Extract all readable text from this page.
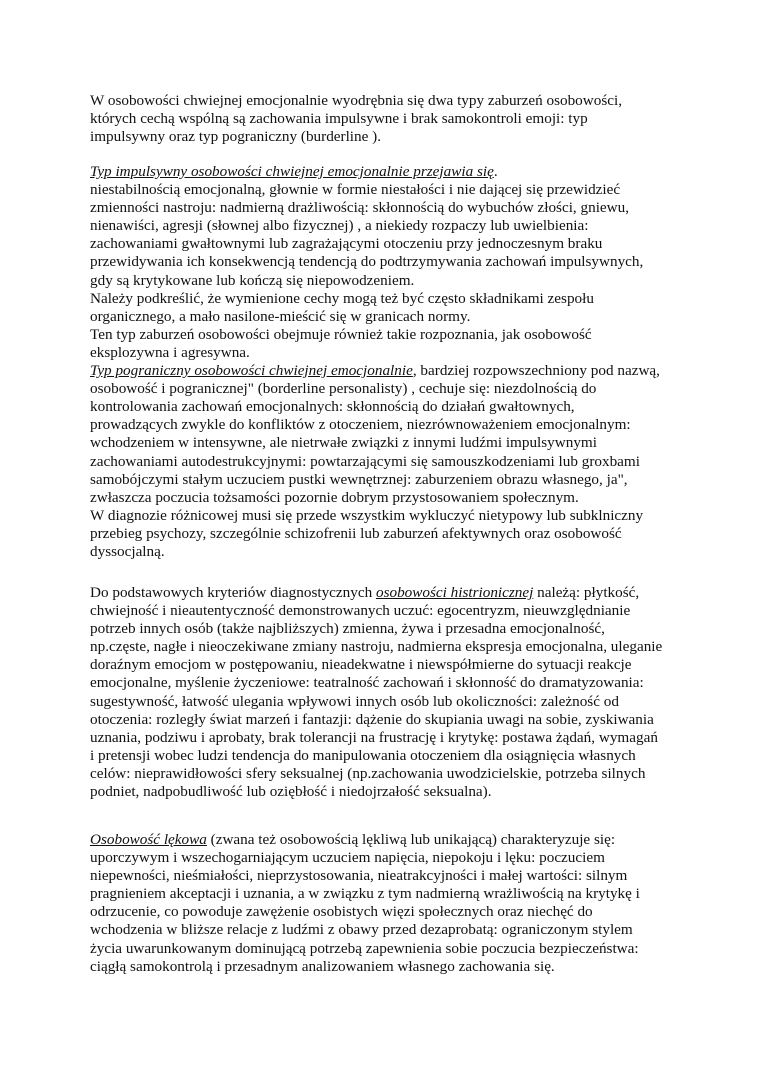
W osobowości chwiejnej emocjonalnie wyodrębnia się dwa typy zaburzeń osobowości,
których cechą wspólną są zachowania impulsywne i brak samokontroli emoji: typ
impulsywny oraz typ pograniczny (burderline ).
Typ impulsywny osobowości chwiejnej emocjonalnie przejawia się.
niestabilnością emocjonalną, głownie w formie niestałości i nie dającej się przewidzieć
zmienności nastroju: nadmierną drażliwością: skłonnością do wybuchów złości, gniewu,
nienawiści, agresji (słownej albo fizycznej) , a niekiedy rozpaczy lub uwielbienia:
zachowaniami gwałtownymi lub zagrażającymi otoczeniu przy jednoczesnym braku
przewidywania ich konsekwencją tendencją do podtrzymywania zachowań impulsywnych,
gdy są krytykowane lub kończą się niepowodzeniem.
Należy podkreślić, że wymienione cechy mogą też być często składnikami zespołu
organicznego, a mało nasilone-mieścić się w granicach normy.
Ten typ zaburzeń osobowości obejmuje również takie rozpoznania, jak osobowość
eksplozywna i agresywna.
Typ pograniczny osobowości chwiejnej emocjonalnie, bardziej rozpowszechniony pod nazwą,
osobowość i pogranicznej" (borderline personalisty) , cechuje się: niezdolnością do
kontrolowania zachowań emocjonalnych: skłonnością do działań gwałtownych,
prowadzących zwykle do konfliktów z otoczeniem, niezrównoważeniem emocjonalnym:
wchodzeniem w intensywne, ale nietrwałe związki z innymi ludźmi impulsywnymi
zachowaniami autodestrukcyjnymi: powtarzającymi się samouszkodzeniami lub groxbami
samobójczymi stałym uczuciem pustki wewnętrznej: zaburzeniem obrazu własnego, ja",
zwłaszcza poczucia tożsamości pozornie dobrym przystosowaniem społecznym.
W diagnozie różnicowej musi się przede wszystkim wykluczyć nietypowy lub subklniczny
przebieg psychozy, szczególnie schizofrenii lub zaburzeń afektywnych oraz osobowość
dyssocjalną.
Do podstawowych kryteriów diagnostycznych osobowości histrionicznej należą: płytkość,
chwiejność i nieautentyczność demonstrowanych uczuć: egocentryzm, nieuwzględnianie
potrzeb innych osób (także najbliższych) zmienna, żywa i przesadna emocjonalność,
np.częste, nagłe i nieoczekiwane zmiany nastroju, nadmierna ekspresja emocjonalna, uleganie
doraźnym emocjom w postępowaniu, nieadekwatne i niewspółmierne do sytuacji reakcje
emocjonalne, myślenie życzeniowe: teatralność zachowań i skłonność do dramatyzowania:
sugestywność, łatwość ulegania wpływowi innych osób lub okoliczności: zależność od
otoczenia: rozległy świat marzeń i fantazji: dążenie do skupiania uwagi na sobie, zyskiwania
uznania, podziwu i aprobaty, brak tolerancji na frustrację i krytykę: postawa żądań, wymagań
i pretensji wobec ludzi tendencja do manipulowania otoczeniem dla osiągnięcia własnych
celów: nieprawidłowości sfery seksualnej (np.zachowania uwodzicielskie, potrzeba silnych
podniet, nadpobudliwość lub oziębłość i niedojrzałość seksualna).
Osobowość lękowa (zwana też osobowością lękliwą lub unikającą) charakteryzuje się:
uporczywym i wszechogarniającym uczuciem napięcia, niepokoju i lęku: poczuciem
niepewności, nieśmiałości, nieprzystosowania, nieatrakcyjności i małej wartości: silnym
pragnieniem akceptacji i uznania, a w związku z tym nadmierną wrażliwością na krytykę i
odrzucenie, co powoduje zawężenie osobistych więzi społecznych oraz niechęć do
wchodzenia w bliższe relacje z ludźmi z obawy przed dezaprobatą: ograniczonym stylem
życia uwarunkowanym dominującą potrzebą zapewnienia sobie poczucia bezpieczeństwa:
ciągłą samokontrolą i przesadnym analizowaniem własnego zachowania się.
